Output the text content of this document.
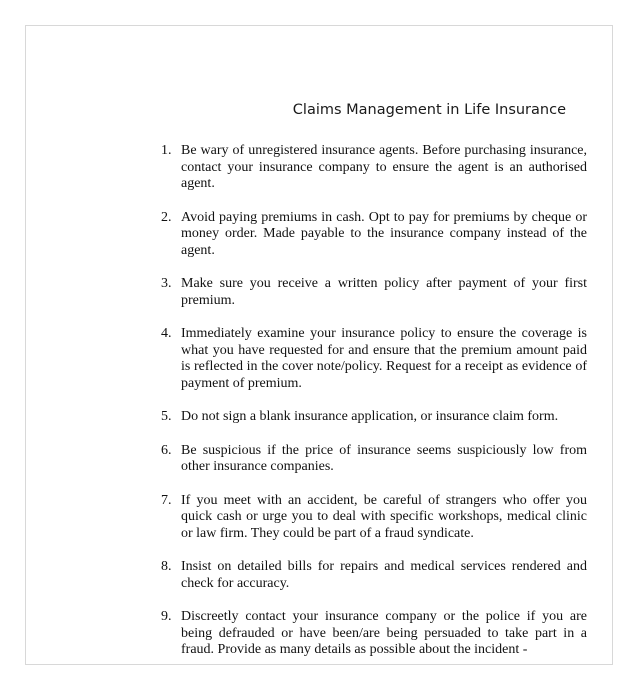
Claims Management in Life Insurance
1. Be wary of unregistered insurance agents. Before purchasing insurance, contact your insurance company to ensure the agent is an authorised agent.
2. Avoid paying premiums in cash. Opt to pay for premiums by cheque or money order. Made payable to the insurance company instead of the agent.
3. Make sure you receive a written policy after payment of your first premium.
4. Immediately examine your insurance policy to ensure the coverage is what you have requested for and ensure that the premium amount paid is reflected in the cover note/policy. Request for a receipt as evidence of payment of premium.
5. Do not sign a blank insurance application, or insurance claim form.
6. Be suspicious if the price of insurance seems suspiciously low from other insurance companies.
7. If you meet with an accident, be careful of strangers who offer you quick cash or urge you to deal with specific workshops, medical clinic or law firm. They could be part of a fraud syndicate.
8. Insist on detailed bills for repairs and medical services rendered and check for accuracy.
9. Discreetly contact your insurance company or the police if you are being defrauded or have been/are being persuaded to take part in a fraud. Provide as many details as possible about the incident -
